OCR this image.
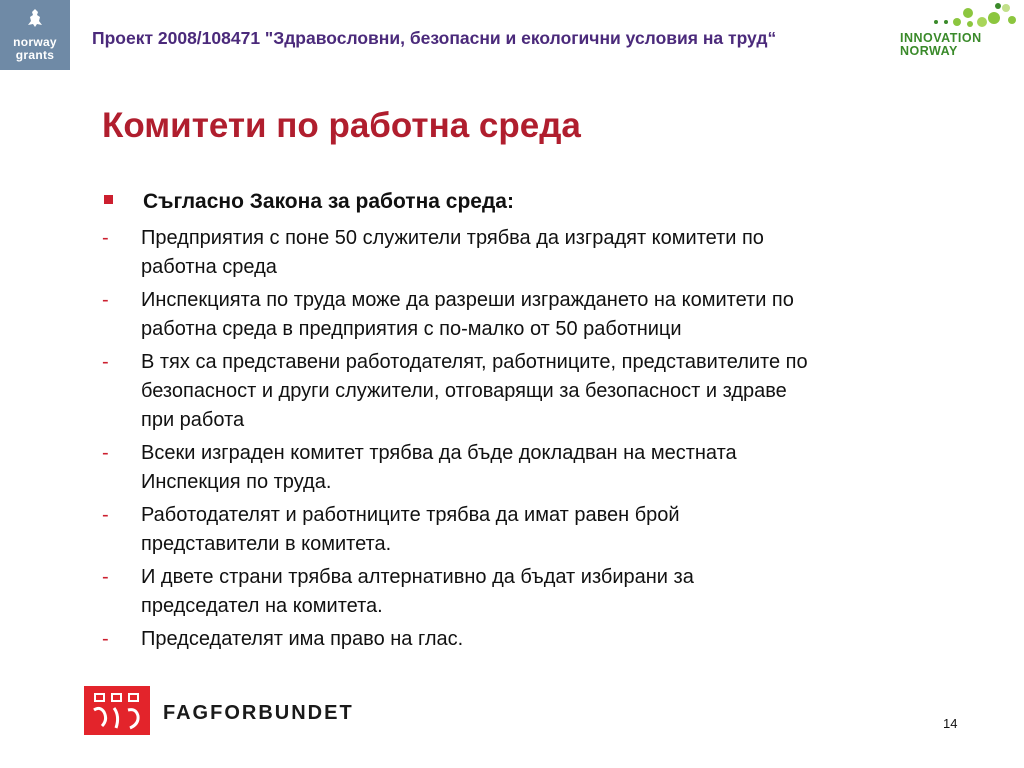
norway
grants
Проект 2008/108471 "Здравословни, безопасни и екологични условия на труд“	INNOVATION
NORWAY
Комитети по работна среда
Съгласно Закона за работна среда:
- Предприятия с поне 50 служители трябва да изградят комитети по
работна среда
- Инспекцията по труда може да разреши изграждането на комитети по
работна среда в предприятия с по-малко от 50 работници
- В тях са представени работодателят, работниците, представителите по
безопасност и други служители, отговарящи за безопасност и здраве
при работа
- Всеки изграден комитет трябва да бъде докладван на местната
Инспекция по труда.
- Работодателят и работниците трябва да имат равен брой
представители в комитета.
- И двете страни трябва алтернативно да бъдат избирани за
председател на комитета.
- Председателят има право на глас.
FAGFORBUNDET	14
